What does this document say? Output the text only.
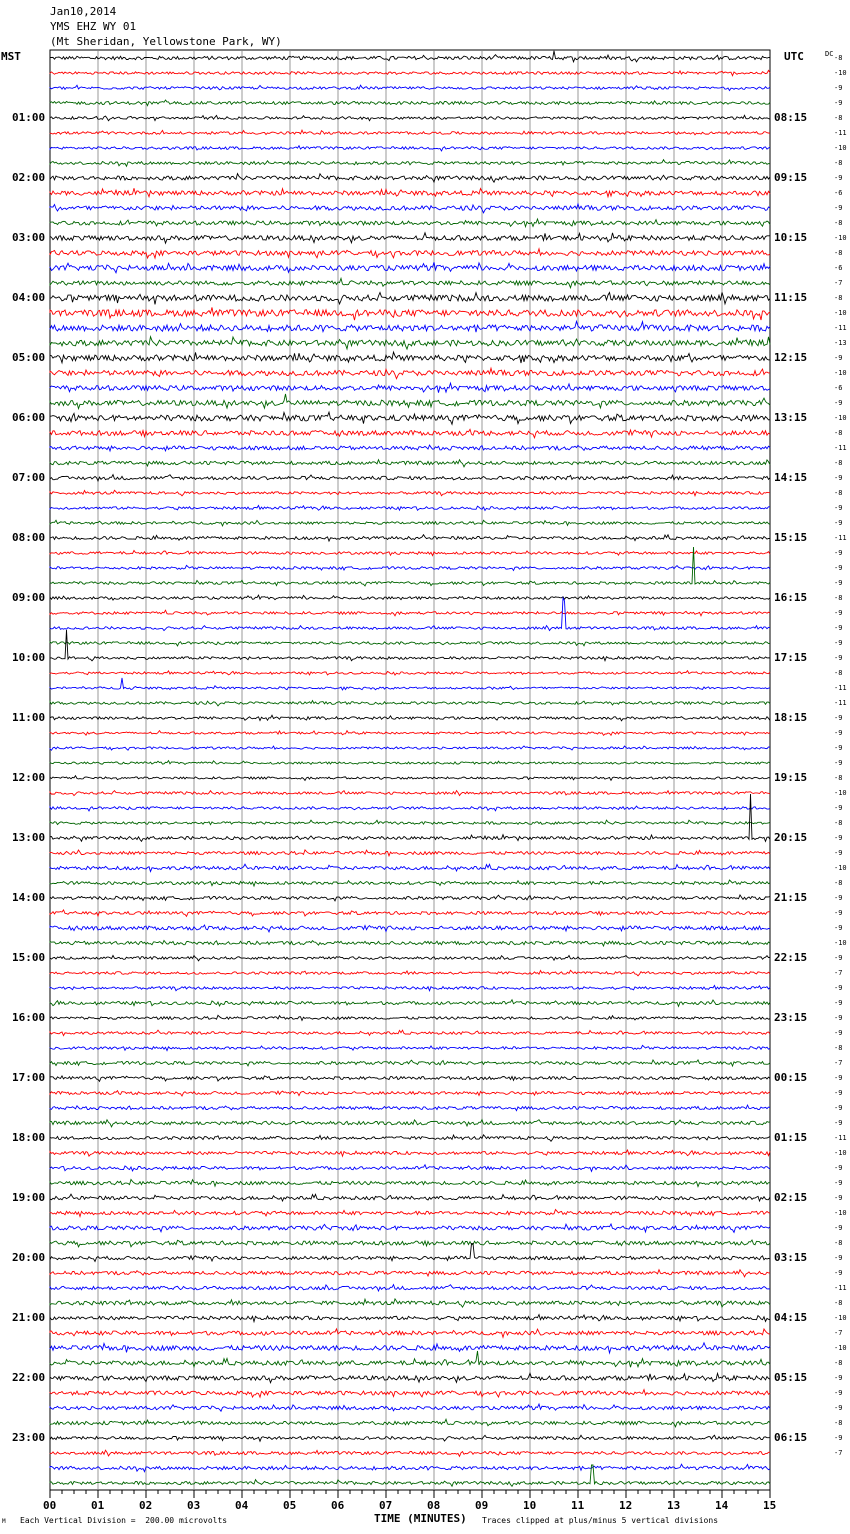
Jan10,2014
YMS EHZ WY 01
(Mt Sheridan, Yellowstone Park, WY)
MST	UTC	DC
01:00
02:00
03:00
04:00
05:00
06:00
07:00
08:00
09:00
10:00
11:00
12:00
13:00
14:00
15:00
16:00
17:00
18:00
19:00
20:00
21:00
22:00
23:00
08:15
09:15
10:15
11:15
12:15
13:15
14:15
15:15
16:15
17:15
18:15
19:15
20:15
21:15
22:15
23:15
00:15
01:15
02:15
03:15
04:15
05:15
06:15
-8
-10
-9
-9
-8
-11
-10
-8
-9
-6
-9
-8
-10
-8
-6
-7
-8
-10
-11
-13
-9
-10
-6
-9
-10
-8
-11
-8
-9
-8
-9
-9
-11
-9
-9
-9
-8
-9
-9
-9
-9
-8
-11
-11
-9
-9
-9
-9
-8
-10
-9
-8
-9
-9
-10
-8
-9
-9
-9
-10
-9
-7
-9
-9
-9
-9
-8
-7
-9
-9
-9
-9
-11
-10
-9
-9
-9
-10
-9
-8
-9
-9
-11
-8
-10
-7
-10
-8
-9
-9
-9
-8
-9
-7
00	01	02	03	04	05	06	07	08	09	10	11	12	13	14	15
TIME (MINUTES)
Each Vertical Division =  200.00 microvolts	Traces clipped at plus/minus 5 vertical divisions
M
